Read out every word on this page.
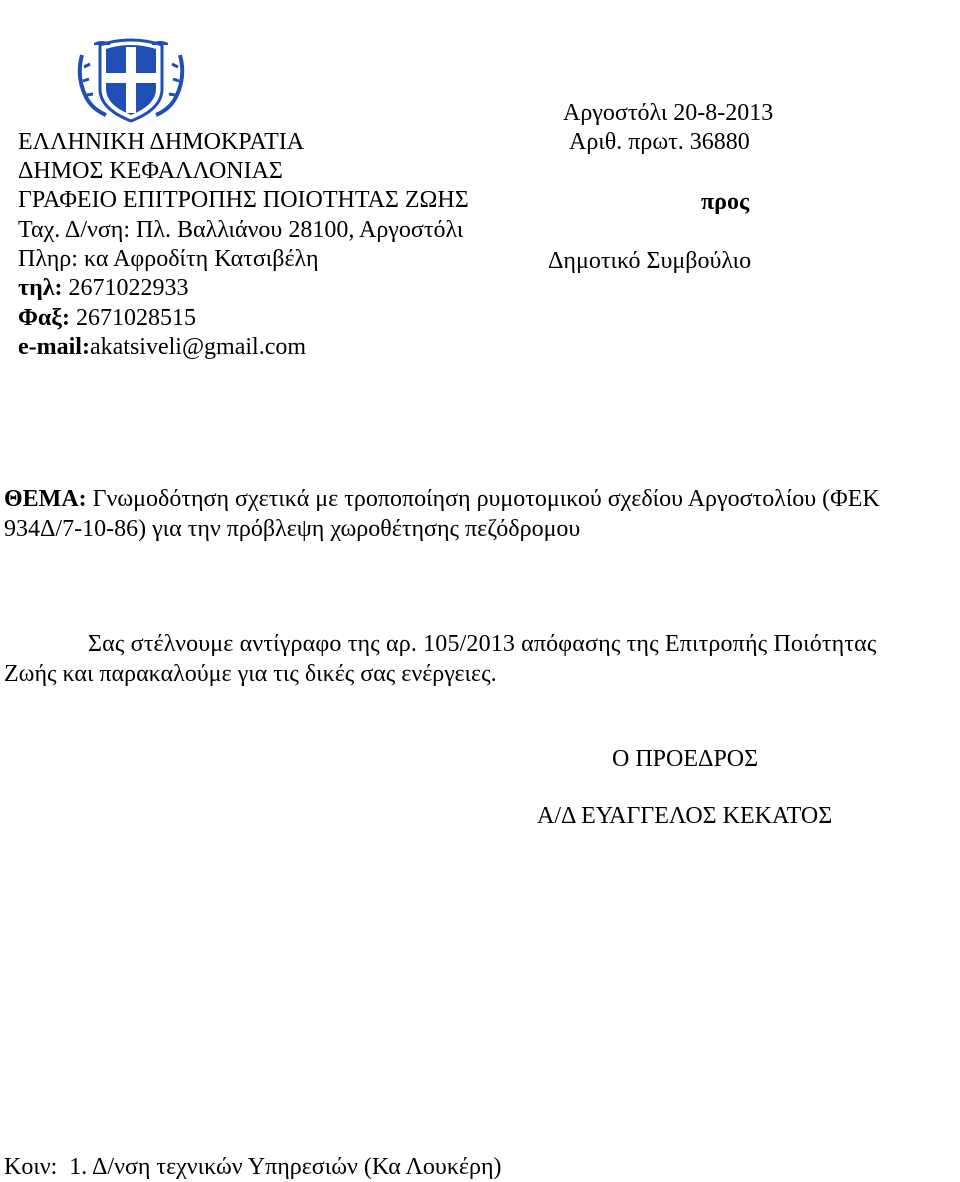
Αργοστόλι 20-8-2013
Αριθ. πρωτ. 36880
προς
Δημοτικό Συμβούλιο
ΕΛΛΗΝΙΚΗ ΔΗΜΟΚΡΑΤΙΑ
ΔΗΜΟΣ ΚΕΦΑΛΛΟΝΙΑΣ
ΓΡΑΦΕΙΟ ΕΠΙΤΡΟΠΗΣ ΠΟΙΟΤΗΤΑΣ ΖΩΗΣ
Ταχ. Δ/νση: Πλ. Βαλλιάνου 28100, Αργοστόλι
Πληρ: κα Αφροδίτη Κατσιβέλη
τηλ: 2671022933
Φαξ: 2671028515
e-mail:akatsiveli@gmail.com
ΘΕΜΑ: Γνωμοδότηση σχετικά με τροποποίηση ρυμοτομικού σχεδίου Αργοστολίου (ΦΕΚ
934Δ/7-10-86) για την πρόβλεψη χωροθέτησης πεζόδρομου
Σας στέλνουμε αντίγραφο της αρ. 105/2013 απόφασης της Επιτροπής Ποιότητας
Ζωής και παρακαλούμε για τις δικές σας ενέργειες.
Ο ΠΡΟΕΔΡΟΣ
Α/Δ ΕΥΑΓΓΕΛΟΣ ΚΕΚΑΤΟΣ
Κοιν:  1. Δ/νση τεχνικών Υπηρεσιών (Κα Λουκέρη)
